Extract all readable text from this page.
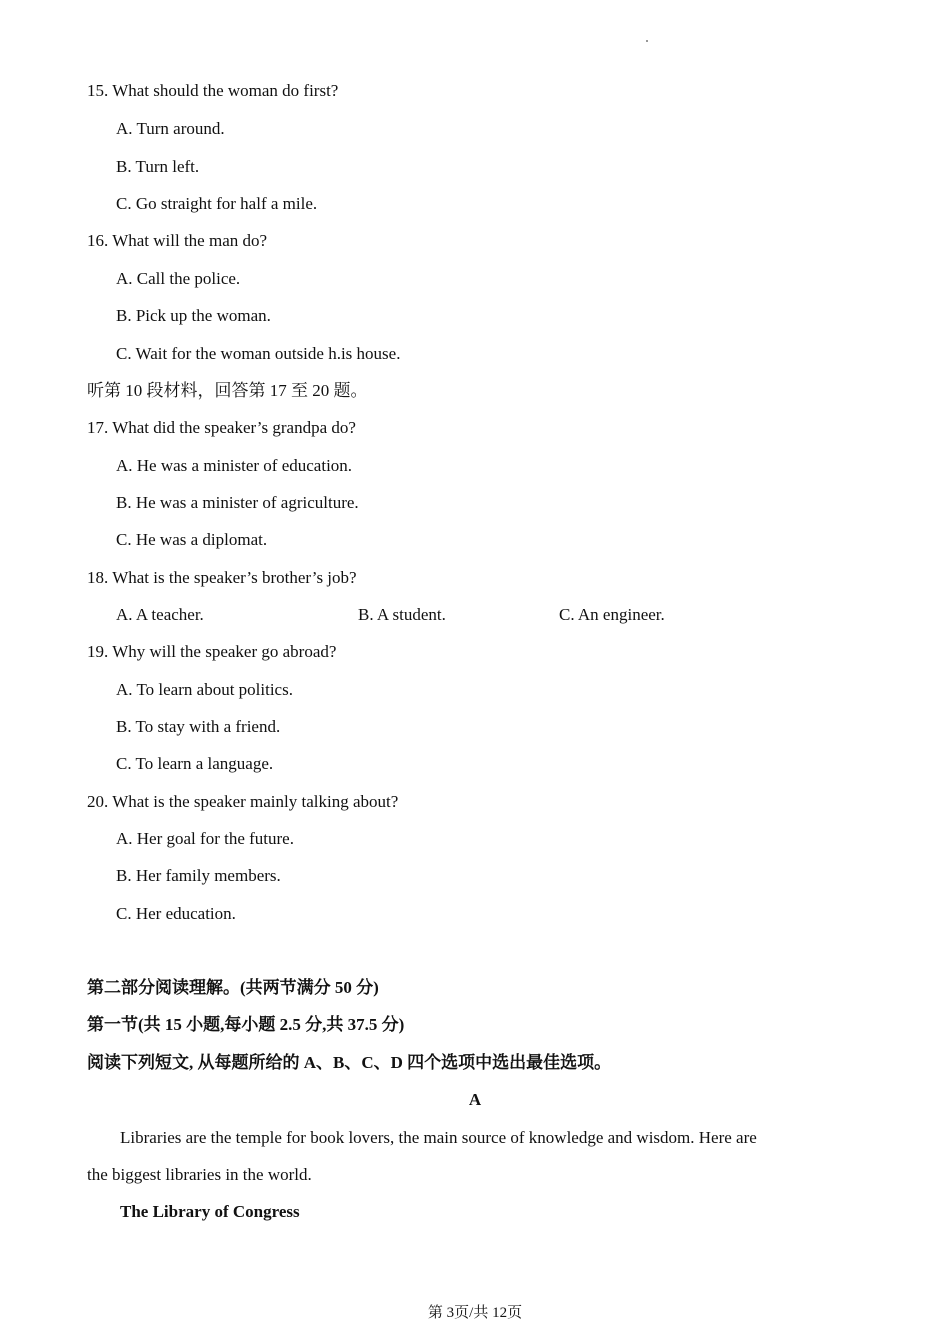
15. What should the woman do first?
A. Turn around.
B. Turn left.
C. Go straight for half a mile.
16. What will the man do?
A. Call the police.
B. Pick up the woman.
C. Wait for the woman outside h.is house.
听第 10 段材料，回答第 17 至 20 题。
17. What did the speaker’s grandpa do?
A. He was a minister of education.
B. He was a minister of agriculture.
C. He was a diplomat.
18. What is the speaker’s brother’s job?
A. A teacher.	B. A student.	C. An engineer.
19. Why will the speaker go abroad?
A. To learn about politics.
B. To stay with a friend.
C. To learn a language.
20. What is the speaker mainly talking about?
A. Her goal for the future.
B. Her family members.
C. Her education.
第二部分阅读理解。(共两节满分 50 分)
第一节(共 15 小题,每小题 2.5 分,共 37.5 分)
阅读下列短文, 从每题所给的 A、B、C、D 四个选项中选出最佳选项。
A
Libraries are the temple for book lovers, the main source of knowledge and wisdom. Here are
the biggest libraries in the world.
The Library of Congress
第 3页/共 12页
